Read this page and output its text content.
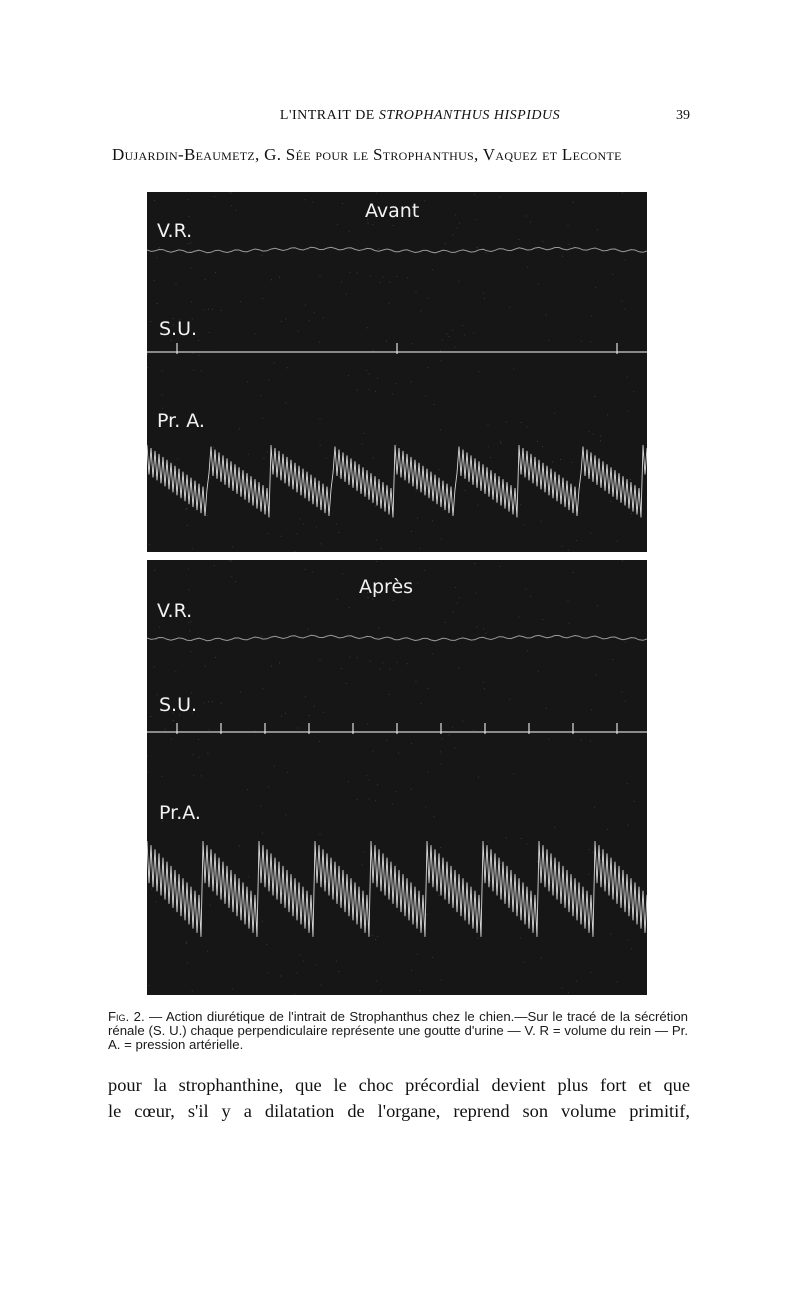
L'INTRAIT DE STROPHANTHUS HISPIDUS	39
Dujardin-Beaumetz, G. Sée pour le Strophanthus, Vaquez et Leconte
Avant
V.R.
S.U.
Pr. A.
Après
V.R.
S.U.
Pr.A.
Fig. 2. — Action diurétique de l'intrait de Strophanthus chez le chien.—Sur le tracé de la sécrétion rénale (S. U.) chaque perpendiculaire représente une goutte d'urine — V. R = volume du rein — Pr. A. = pression artérielle.
pour la strophanthine, que le choc précordial devient plus fort et que
le cœur, s'il y a dilatation de l'organe, reprend son volume primitif,
